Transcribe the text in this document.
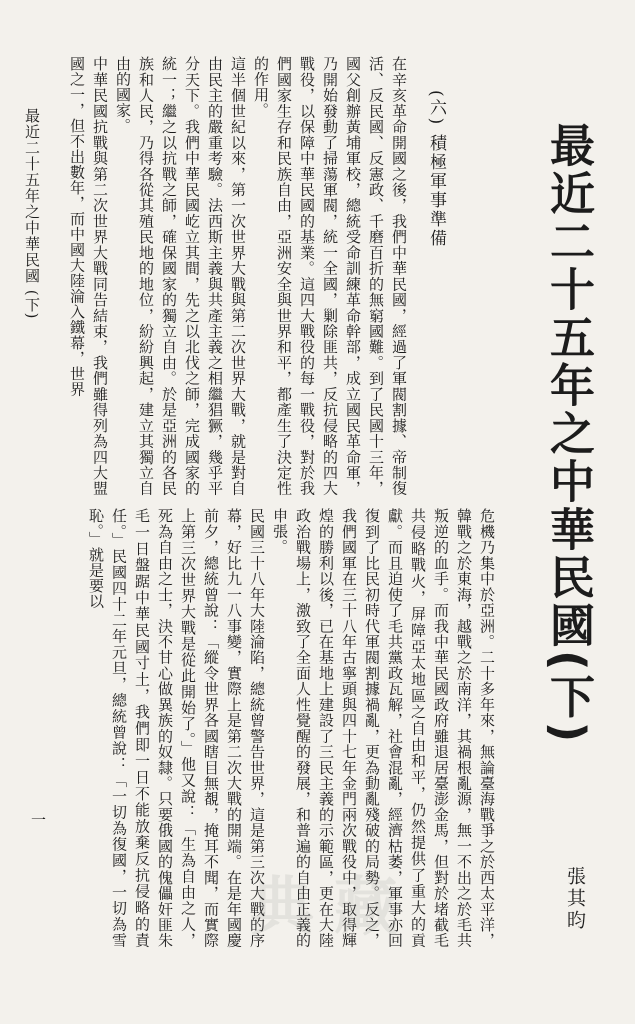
最近二十五年之中華民國(下)
張其昀
最近二十五年之中華民國 (下)
一
(六)積極軍事準備

在辛亥革命開國之後，我們中華民國，經過了軍閥割據、帝制復活、反民國、反憲政、千磨百折的無窮國難。到了民國十三年，國父創辦黃埔軍校，總統受命訓練革命幹部，成立國民革命軍，乃開始發動了掃蕩軍閥，統一全國，剿除匪共，反抗侵略的四大戰役，以保障中華民國的基業。這四大戰役的每一戰役，對於我們國家生存和民族自由，亞洲安全與世界和平，都產生了決定性的作用。

這半個世紀以來，第一次世界大戰與第二次世界大戰，就是對自由民主的嚴重考驗。法西斯主義與共產主義之相繼猖獗，幾乎平分天下。我們中華民國屹立其間，先之以北伐之師，完成國家的統一；繼之以抗戰之師，確保國家的獨立自由。於是亞洲的各民族和人民，乃得各從其殖民地的地位，紛紛興起，建立其獨立自由的國家。

中華民國抗戰與第二次世界大戰同告結束，我們雖得列為四大盟國之一，但不出數年，而中國大陸淪入鐵幕，世界

危機乃集中於亞洲。二十多年來，無論臺海戰爭之於西太平洋，韓戰之於東海，越戰之於南洋，其禍根亂源，無一不出之於毛共叛逆的血手。而我中華民國政府雖退居臺澎金馬，但對於堵截毛共侵略戰火，屏障亞太地區之自由和平，仍然提供了重大的貢獻。而且迫使了毛共黨政瓦解，社會混亂，經濟枯萎，軍事亦回復到了比民初時代軍閥割據禍亂，更為動亂殘破的局勢。反之，我們國軍在三十八年古寧頭與四十七年金門兩次戰役中，取得輝煌的勝利以後，已在基地上建設了三民主義的示範區，更在大陸政治戰場上，激致了全面人性覺醒的發展，和普遍的自由正義的申張。

民國三十八年大陸淪陷，總統曾警告世界，這是第三次大戰的序幕，好比九一八事變，實際上是第二次大戰的開端。在是年國慶前夕，總統曾說：「縱令世界各國瞎目無覩，掩耳不聞，而實際上第三次世界大戰是從此開始了。」他又說：「生為自由之人，死為自由之士，決不甘心做異族的奴隸。只要俄國的傀儡奸匪朱毛一日盤踞中華民國寸土，我們即一日不能放棄反抗侵略的責任。」民國四十二年元旦，總統曾說：「一切為復國，一切為雪恥。」就是要以

典藏
